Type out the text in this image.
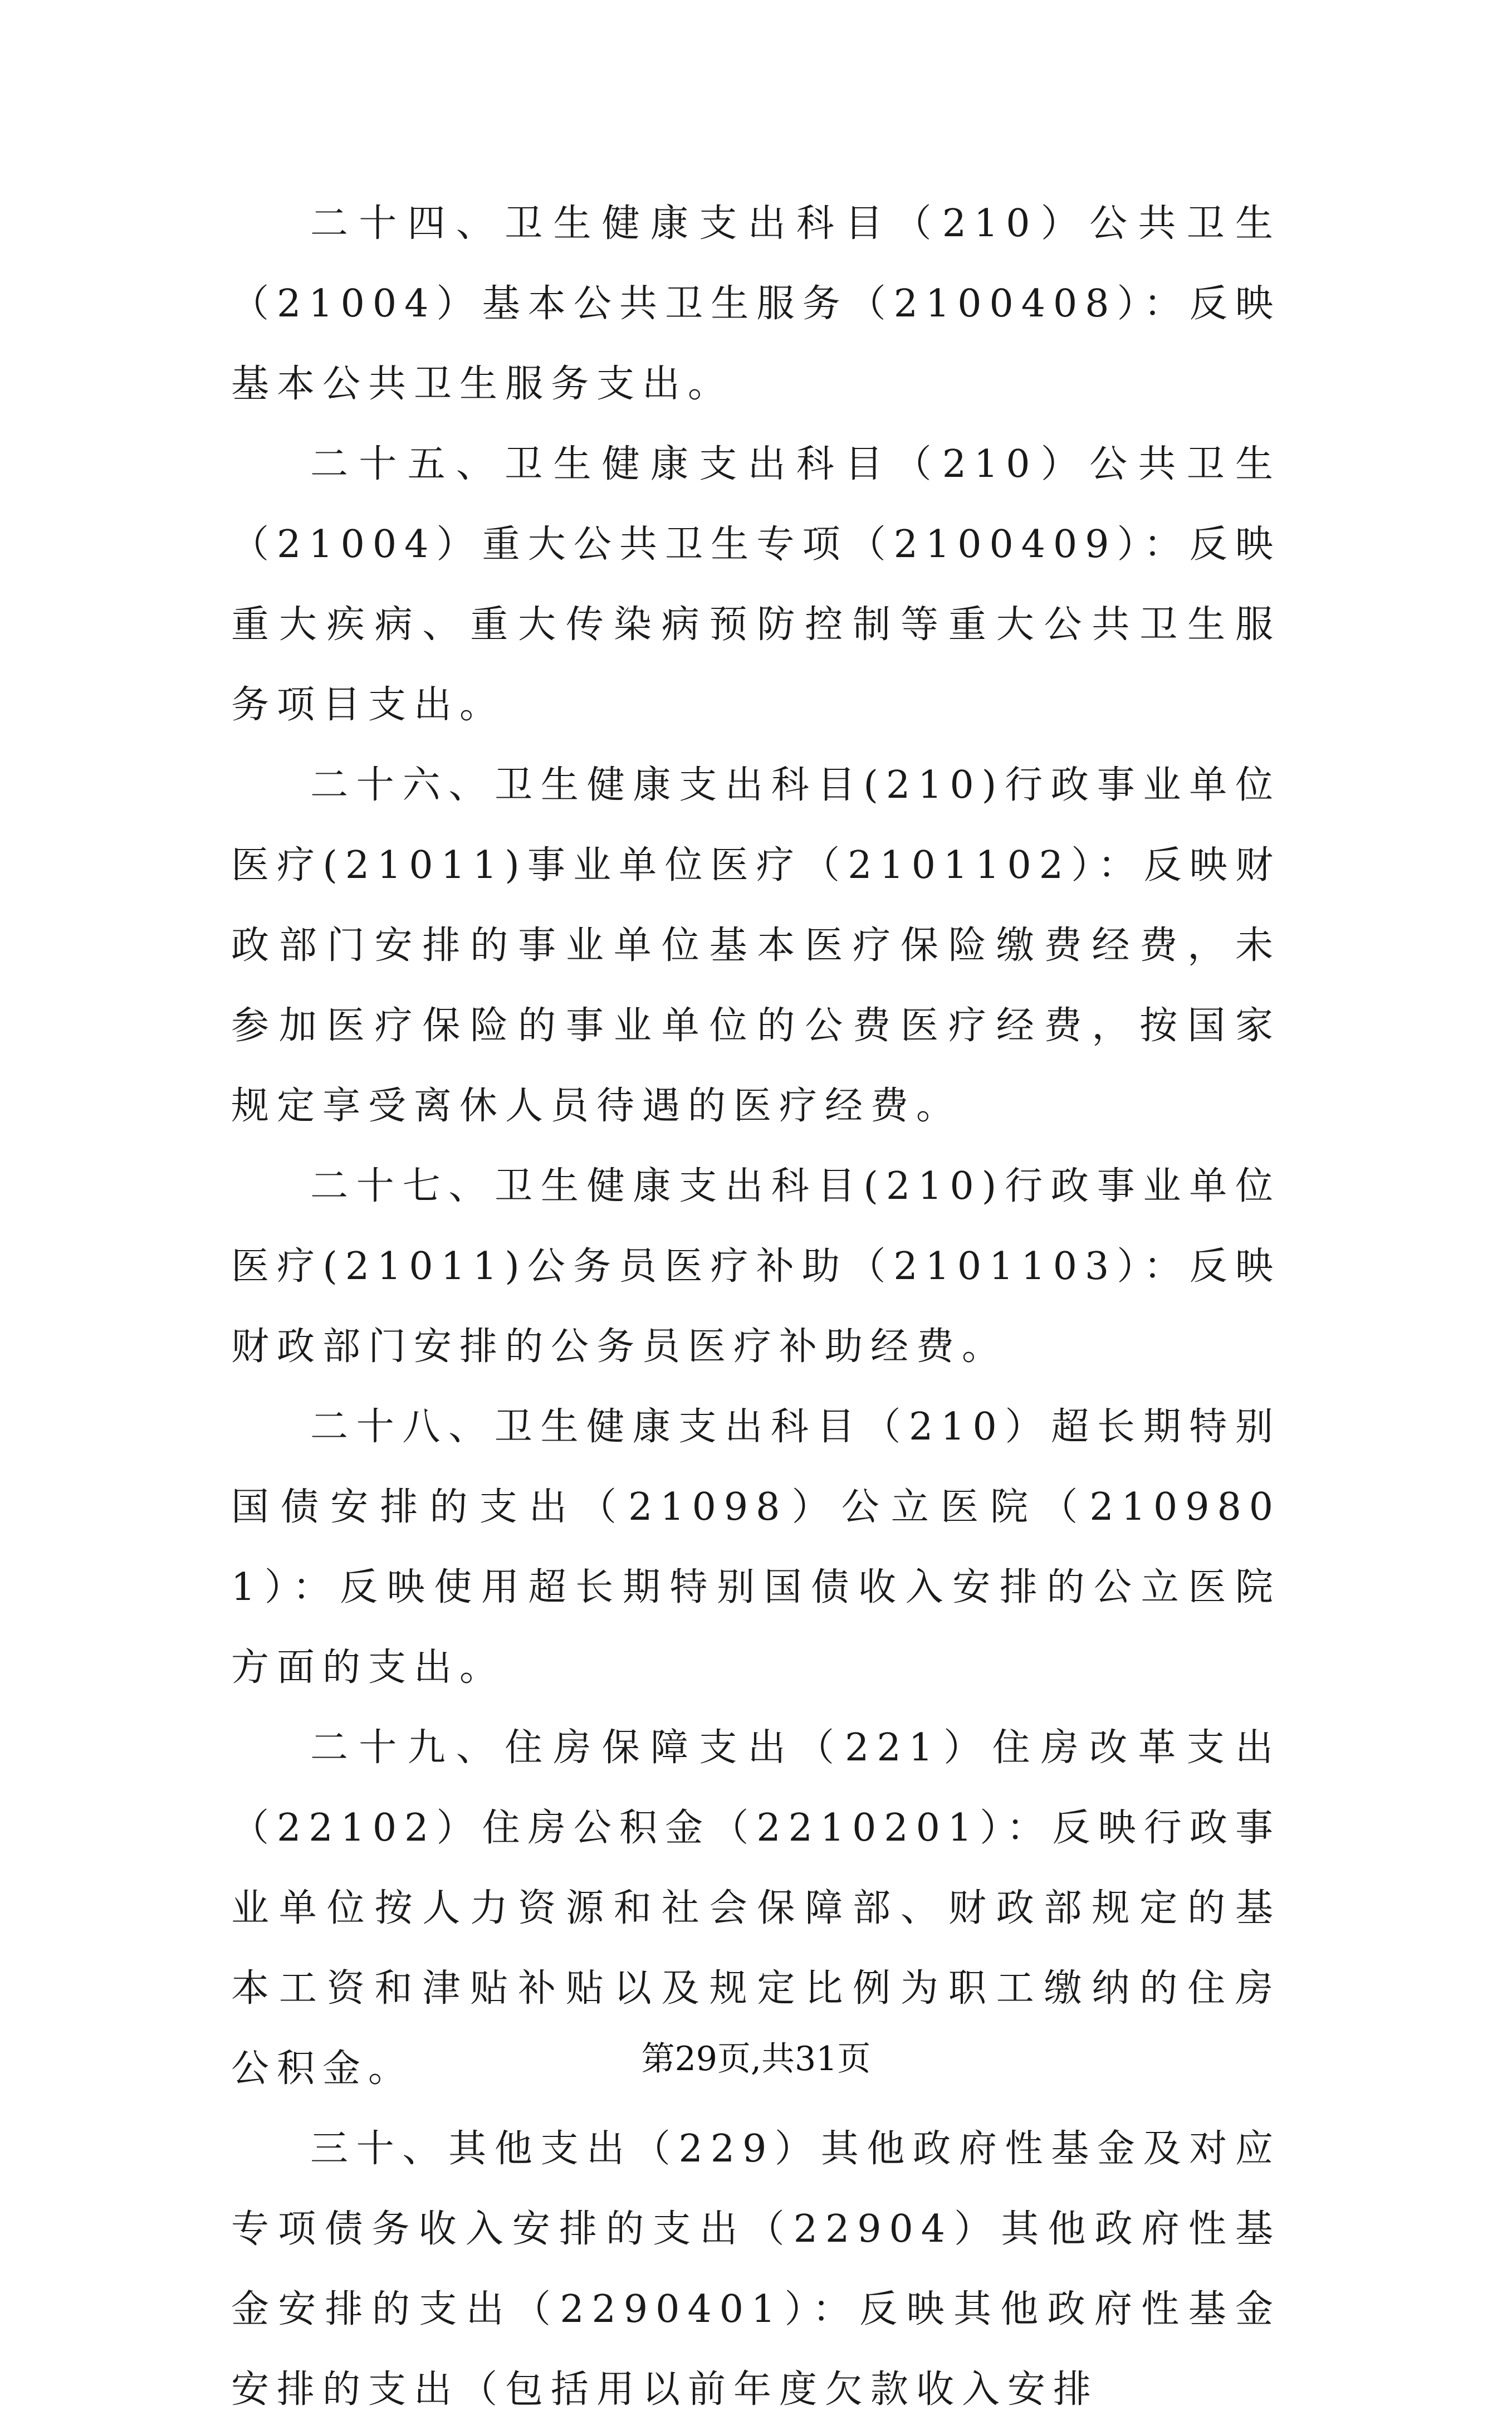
二十四、卫生健康支出科目（210）公共卫生（21004）基本公共卫生服务（2100408）：反映基本公共卫生服务支出。

二十五、卫生健康支出科目（210）公共卫生（21004）重大公共卫生专项（2100409）：反映重大疾病、重大传染病预防控制等重大公共卫生服务项目支出。

二十六、卫生健康支出科目(210)行政事业单位医疗(21011)事业单位医疗（2101102）：反映财政部门安排的事业单位基本医疗保险缴费经费，未参加医疗保险的事业单位的公费医疗经费，按国家规定享受离休人员待遇的医疗经费。

二十七、卫生健康支出科目(210)行政事业单位医疗(21011)公务员医疗补助（2101103）：反映财政部门安排的公务员医疗补助经费。

二十八、卫生健康支出科目（210）超长期特别国债安排的支出（21098）公立医院（2109801）：反映使用超长期特别国债收入安排的公立医院方面的支出。

二十九、住房保障支出（221）住房改革支出（22102）住房公积金（2210201）：反映行政事业单位按人力资源和社会保障部、财政部规定的基本工资和津贴补贴以及规定比例为职工缴纳的住房公积金。

三十、其他支出（229）其他政府性基金及对应专项债务收入安排的支出（22904）其他政府性基金安排的支出（2290401）：反映其他政府性基金安排的支出（包括用以前年度欠款收入安排

第29页,共31页
